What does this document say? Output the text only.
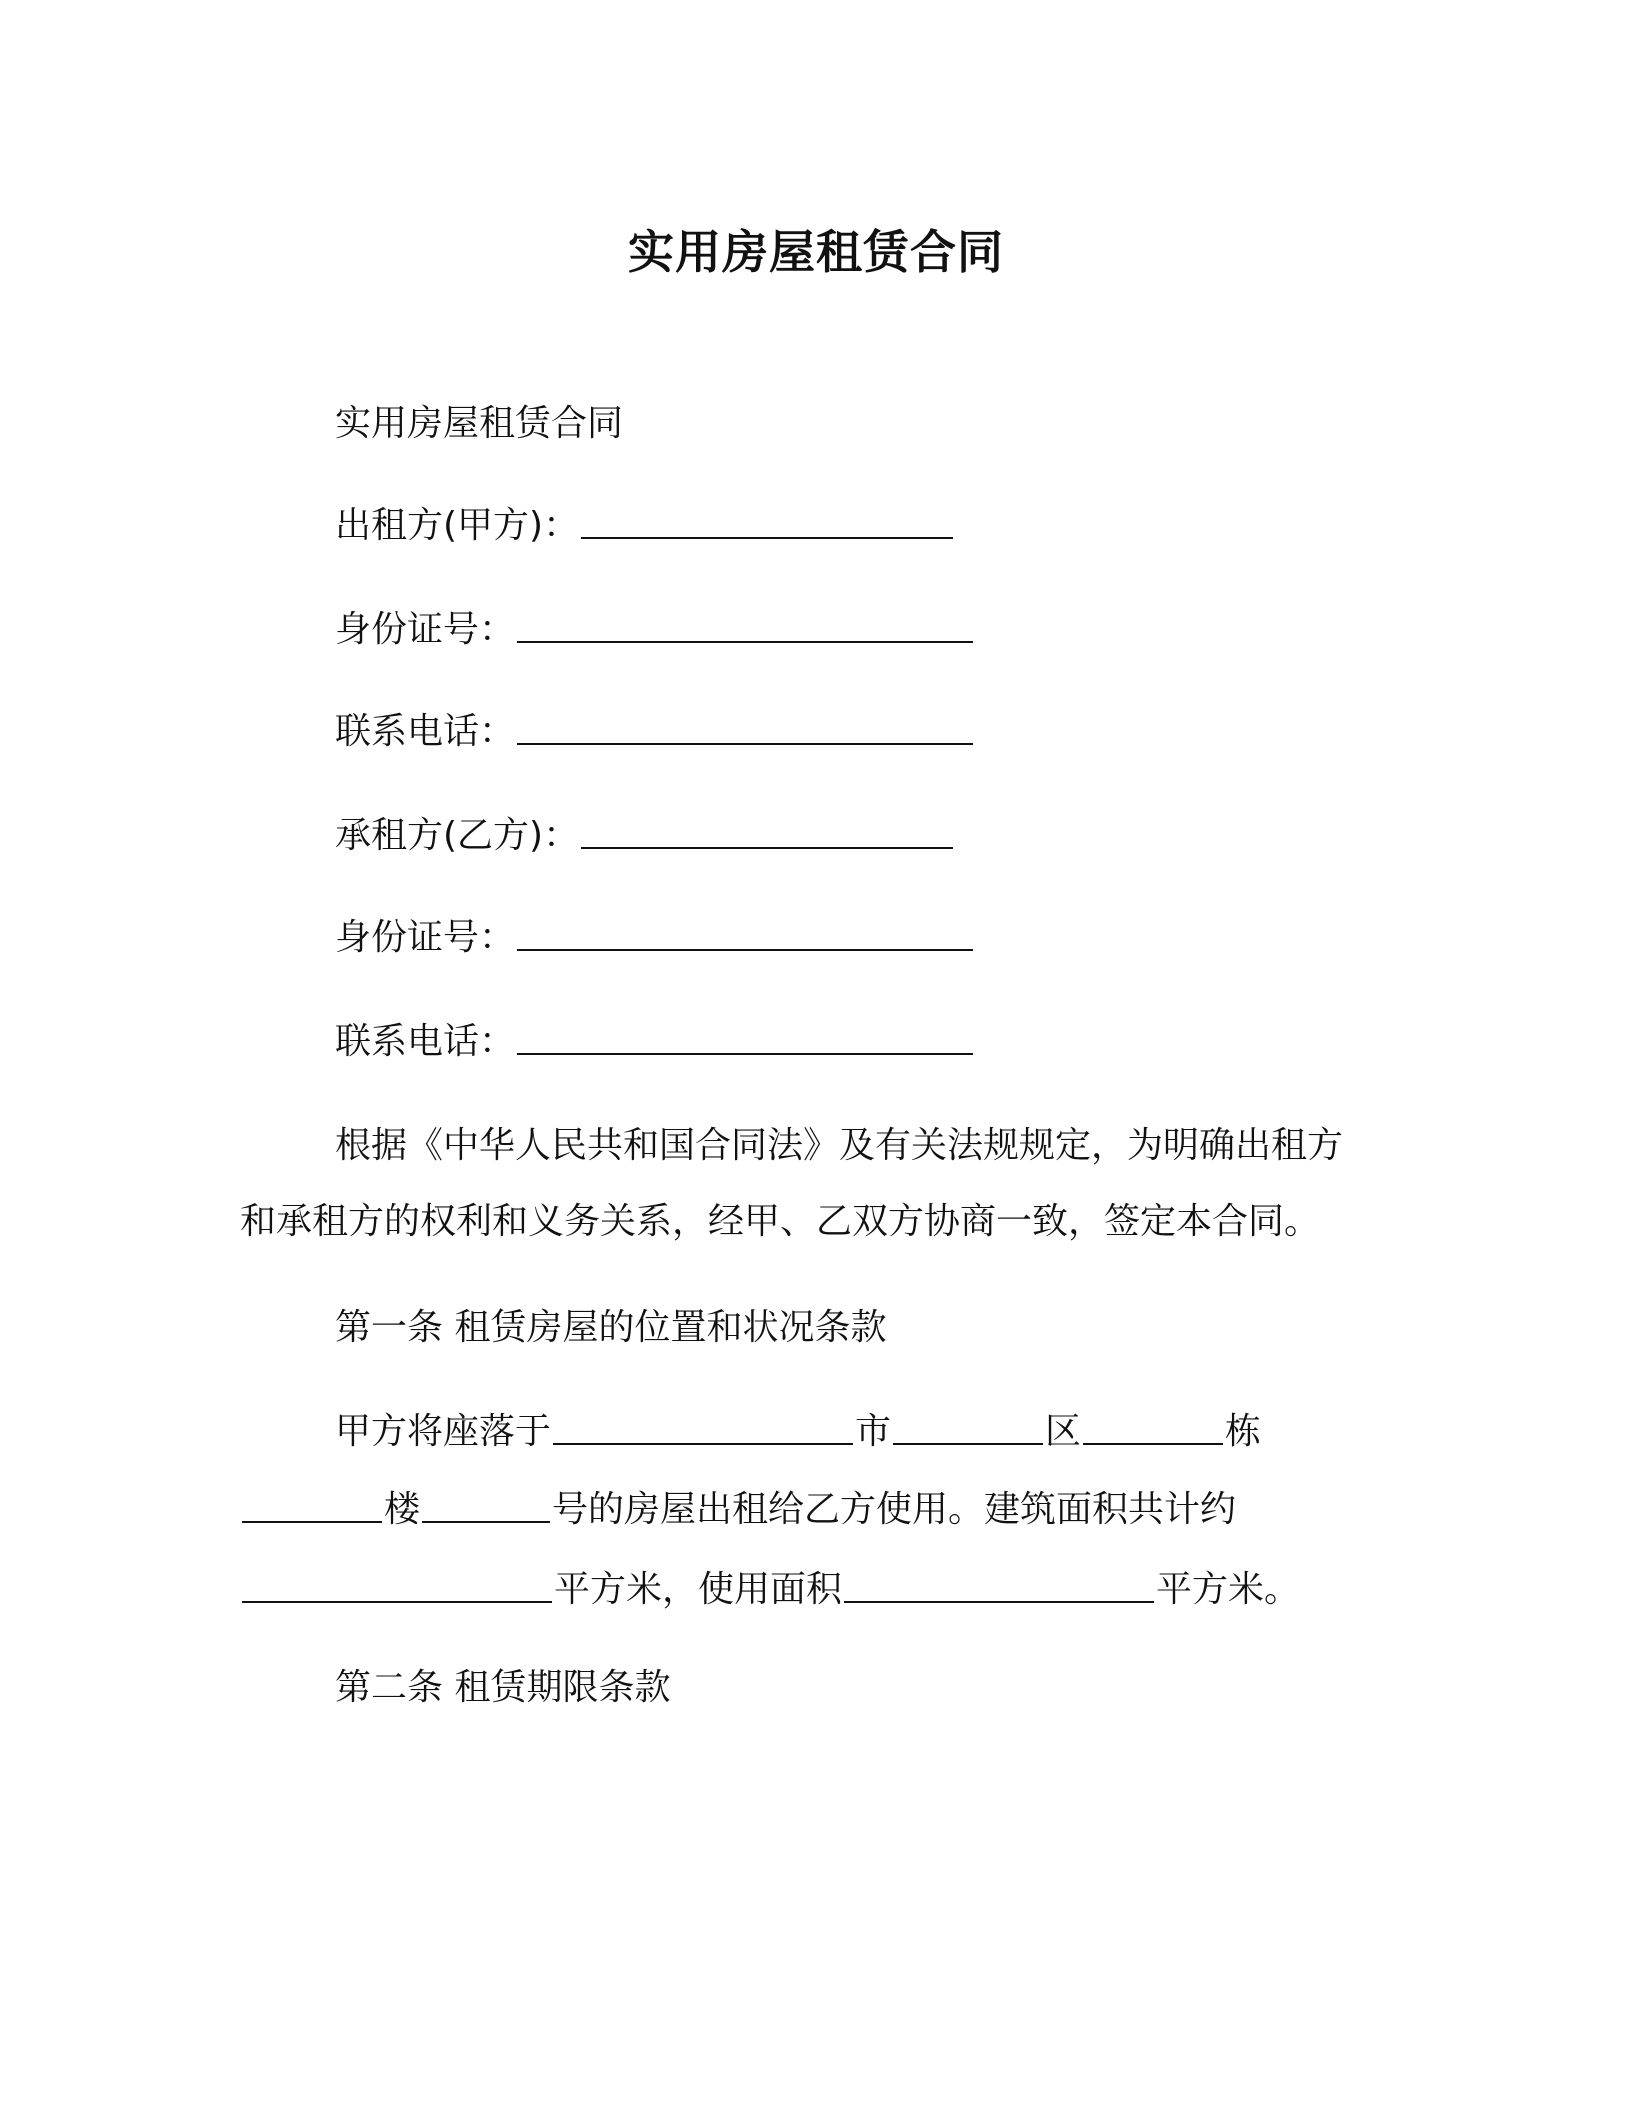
实用房屋租赁合同
实用房屋租赁合同
出租方(甲方)：
身份证号：
联系电话：
承租方(乙方)：
身份证号：
联系电话：
根据《中华人民共和国合同法》及有关法规规定，为明确出租方
和承租方的权利和义务关系，经甲、乙双方协商一致，签定本合同。
第一条 租赁房屋的位置和状况条款
甲方将座落于	市	区	栋
楼	号的房屋出租给乙方使用。建筑面积共计约
平方米，使用面积	平方米。
第二条 租赁期限条款
